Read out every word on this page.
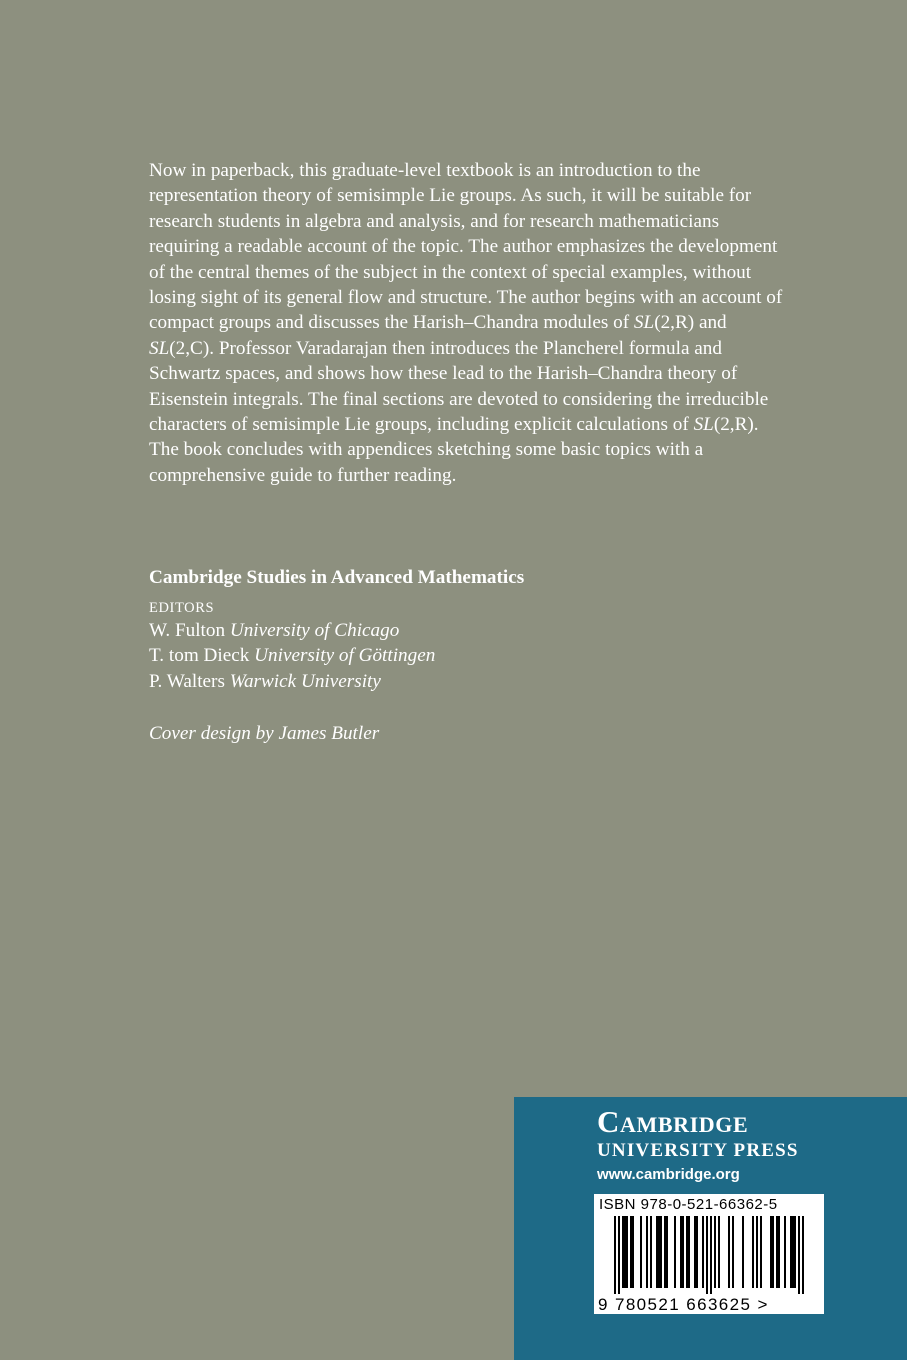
Now in paperback, this graduate-level textbook is an introduction to the representation theory of semisimple Lie groups. As such, it will be suitable for research students in algebra and analysis, and for research mathematicians requiring a readable account of the topic. The author emphasizes the development of the central themes of the subject in the context of special examples, without losing sight of its general flow and structure. The author begins with an account of compact groups and discusses the Harish–Chandra modules of SL(2,R) and SL(2,C). Professor Varadarajan then introduces the Plancherel formula and Schwartz spaces, and shows how these lead to the Harish–Chandra theory of Eisenstein integrals. The final sections are devoted to considering the irreducible characters of semisimple Lie groups, including explicit calculations of SL(2,R). The book concludes with appendices sketching some basic topics with a comprehensive guide to further reading.

Cambridge Studies in Advanced Mathematics
EDITORS
W. Fulton University of Chicago
T. tom Dieck University of Göttingen
P. Walters Warwick University
Cover design by James Butler
Cambridge
UNIVERSITY PRESS
www.cambridge.org
9 780521 663625 >
ISBN 978-0-521-66362-5
